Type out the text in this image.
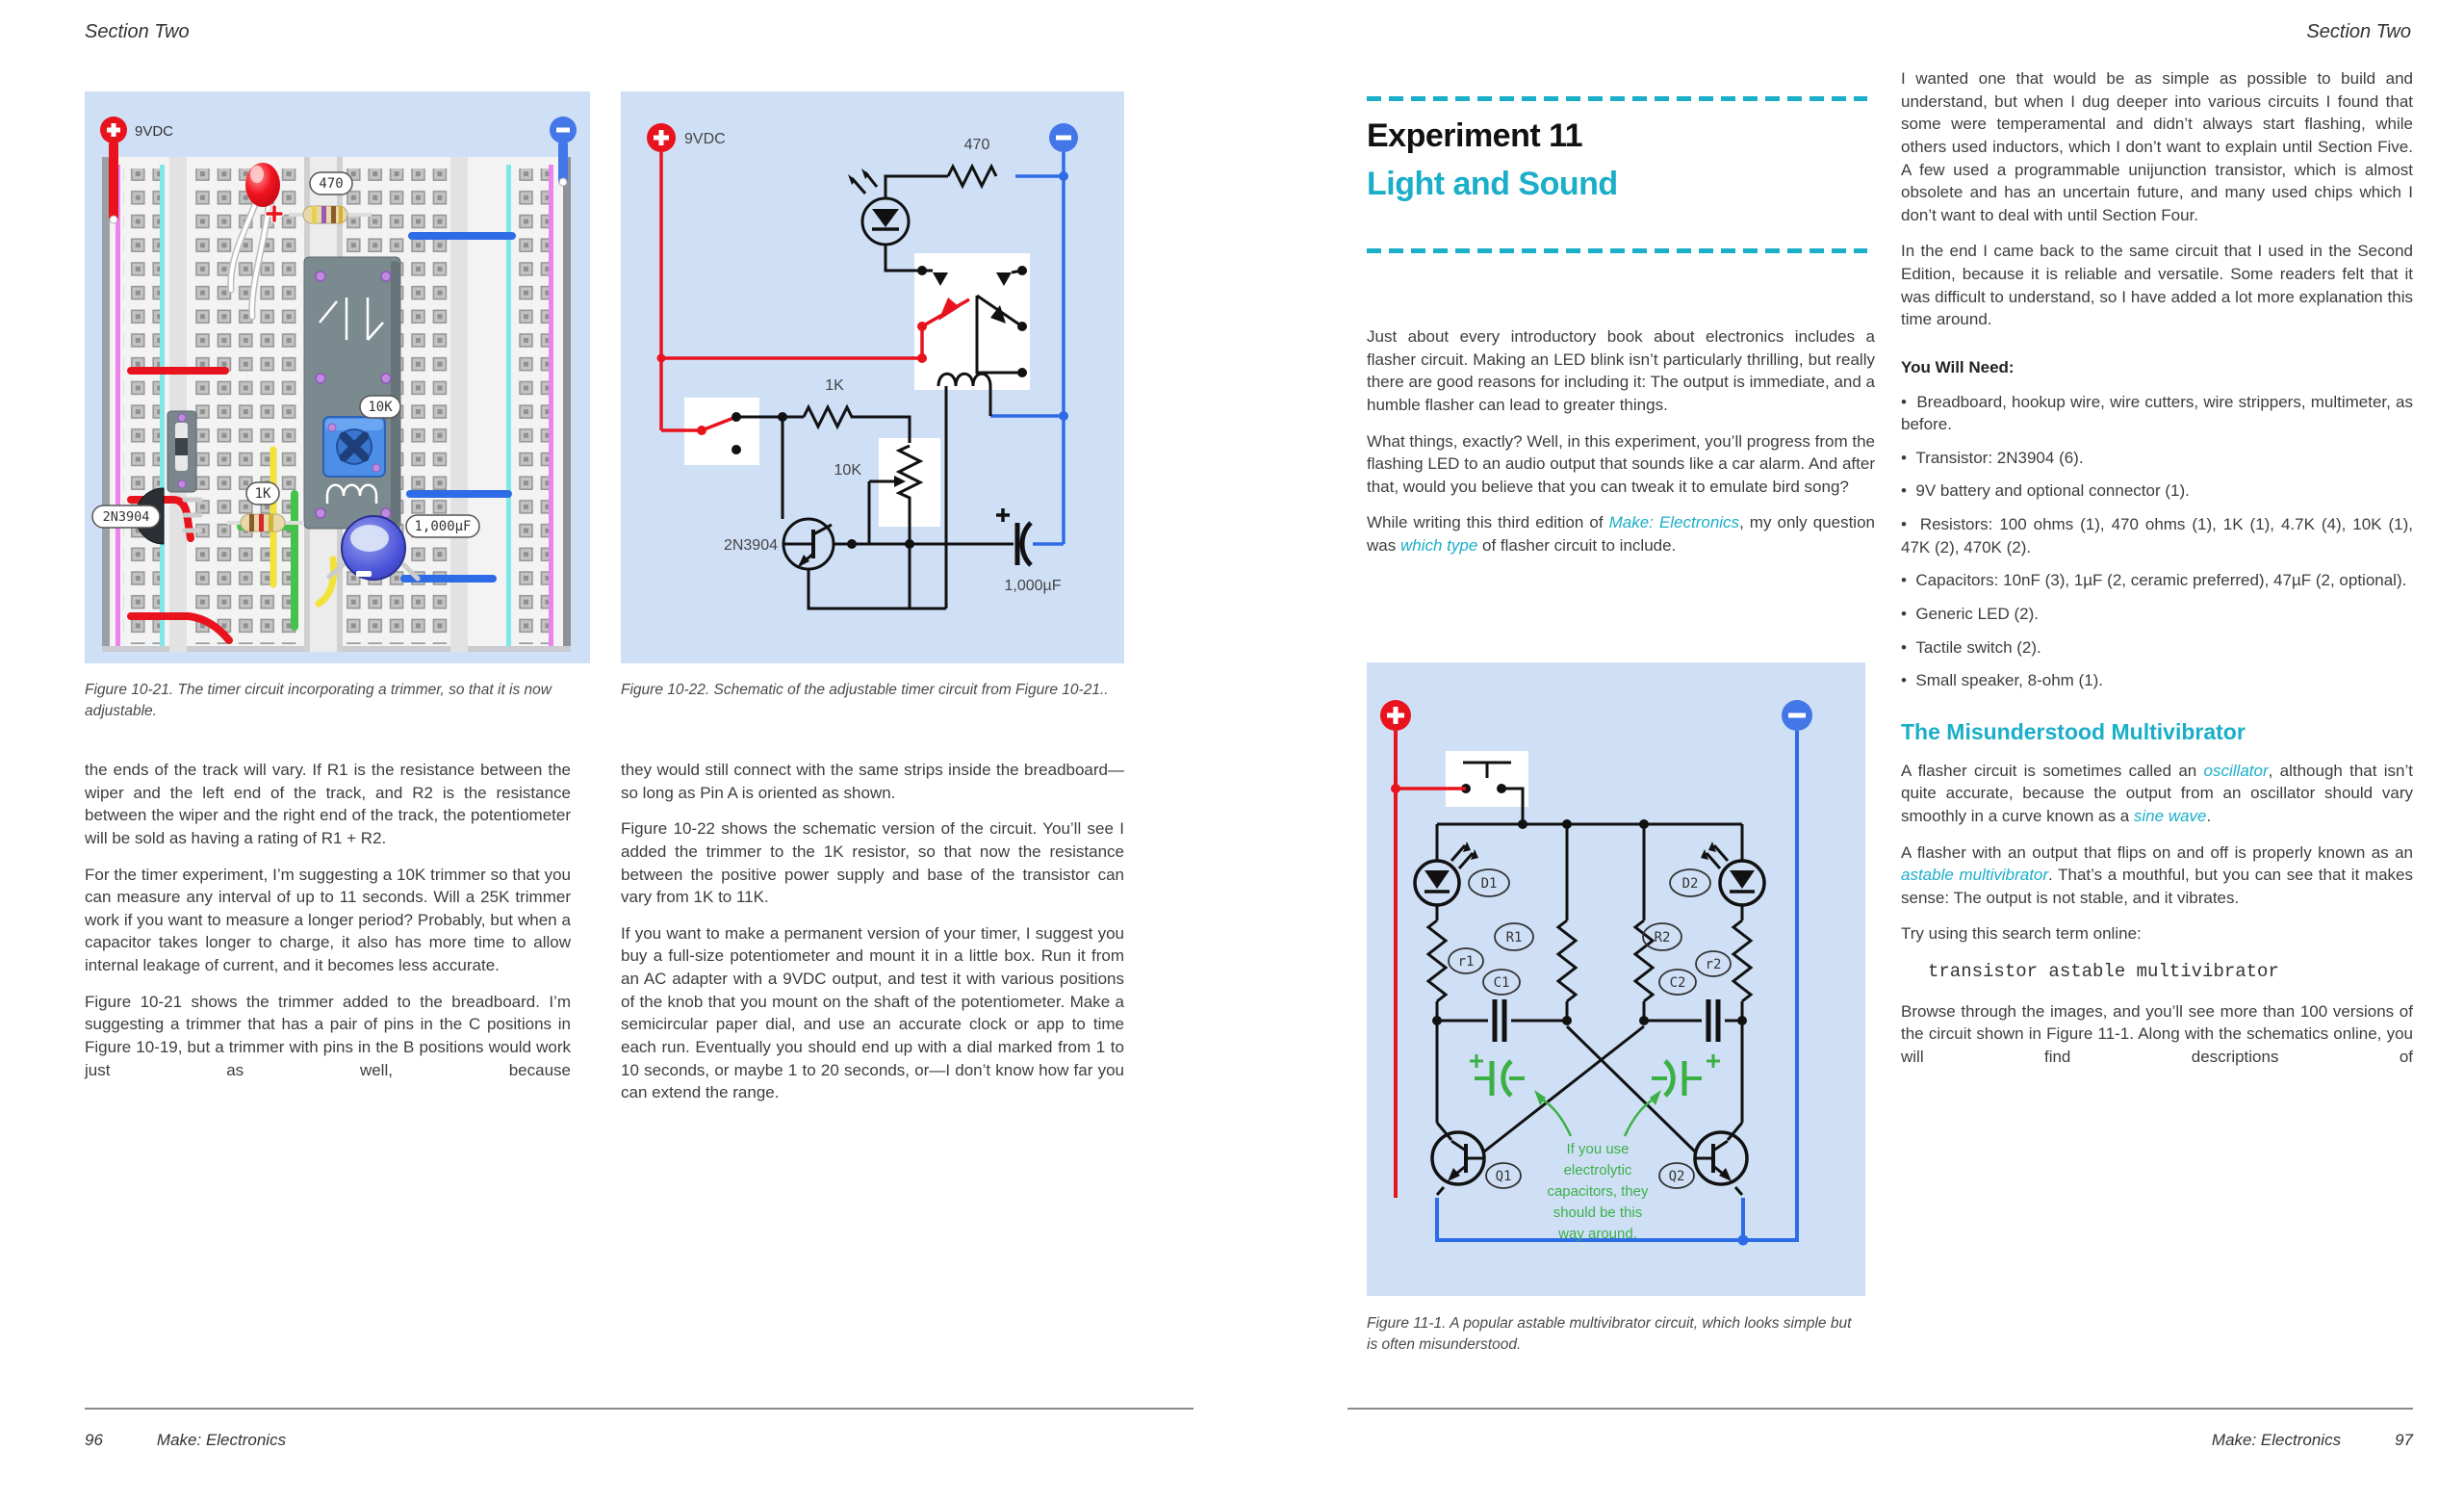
Section Two
9VDC
470
1K
10K
1,000µF
2N3904
Figure 10-21. The timer circuit incorporating a trimmer, so that it is now adjustable.
9VDC	470
1K
10K
2N3904
1,000µF
Figure 10-22. Schematic of the adjustable timer circuit from Figure 10-21..

the ends of the track will vary. If R1 is the resistance between the wiper and the left end of the track, and R2 is the resistance between the wiper and the right end of the track, the potentiometer will be sold as having a rating of R1 + R2.

For the timer experiment, I’m suggesting a 10K trimmer so that you can measure any interval of up to 11 seconds. Will a 25K trimmer work if you want to measure a longer period? Probably, but when a capacitor takes longer to charge, it also has more time to allow internal leakage of current, and it becomes less accurate.

Figure 10-21 shows the trimmer added to the breadboard. I’m suggesting a trimmer that has a pair of pins in the C positions in Figure 10-19, but a trimmer with pins in the B positions would work just as well, because

they would still connect with the same strips inside the breadboard—so long as Pin A is oriented as shown.

Figure 10-22 shows the schematic version of the circuit. You’ll see I added the trimmer to the 1K resistor, so that now the resistance between the positive power supply and base of the transistor can vary from 1K to 11K.

If you want to make a permanent version of your timer, I suggest you buy a full-size potentiometer and mount it in a little box. Run it from an AC adapter with a 9VDC output, and test it with various positions of the knob that you mount on the shaft of the potentiometer. Make a semicircular paper dial, and use an accurate clock or app to time each run. Eventually you should end up with a dial marked from 1 to 10 seconds, or maybe 1 to 20 seconds, or—I don’t know how far you can extend the range.

96	Make: Electronics
Section Two
Experiment 11
Light and Sound

Just about every introductory book about electronics includes a flasher circuit. Making an LED blink isn’t particularly thrilling, but really there are good reasons for including it: The output is immediate, and a humble flasher can lead to greater things.

What things, exactly? Well, in this experiment, you’ll progress from the flashing LED to an audio output that sounds like a car alarm. And after that, would you believe that you can tweak it to emulate bird song?

While writing this third edition of Make: Electronics, my only question was which type of flasher circuit to include.

D1	D2
R1	R2
r1	r2
C1	C2
Q1	Q2
If you use
electrolytic
capacitors, they
should be this
way around.
Figure 11-1. A popular astable multivibrator circuit, which looks simple but is often misunderstood.

I wanted one that would be as simple as possible to build and understand, but when I dug deeper into various circuits I found that some were temperamental and didn’t always start flashing, while others used inductors, which I don’t want to explain until Section Five. A few used a programmable unijunction transistor, which is almost obsolete and has an uncertain future, and many used chips which I don’t want to deal with until Section Four.

In the end I came back to the same circuit that I used in the Second Edition, because it is reliable and versatile. Some readers felt that it was difficult to understand, so I have added a lot more explanation this time around.

You Will Need:
•  Breadboard, hookup wire, wire cutters, wire strippers, multimeter, as before.
•  Transistor: 2N3904 (6).
•  9V battery and optional connector (1).
•  Resistors: 100 ohms (1), 470 ohms (1), 1K (1), 4.7K (4), 10K (1), 47K (2), 470K (2).
•  Capacitors: 10nF (3), 1µF (2, ceramic preferred), 47µF (2, optional).
•  Generic LED (2).
•  Tactile switch (2).
•  Small speaker, 8-ohm (1).
The Misunderstood Multivibrator

A flasher circuit is sometimes called an oscillator, although that isn’t quite accurate, because the output from an oscillator should vary smoothly in a curve known as a sine wave.

A flasher with an output that flips on and off is properly known as an astable multivibrator. That’s a mouthful, but you can see that it makes sense: The output is not stable, and it vibrates.

Try using this search term online:

transistor astable multivibrator

Browse through the images, and you’ll see more than 100 versions of the circuit shown in Figure 11-1. Along with the schematics online, you will find descriptions of

Make: Electronics	97
